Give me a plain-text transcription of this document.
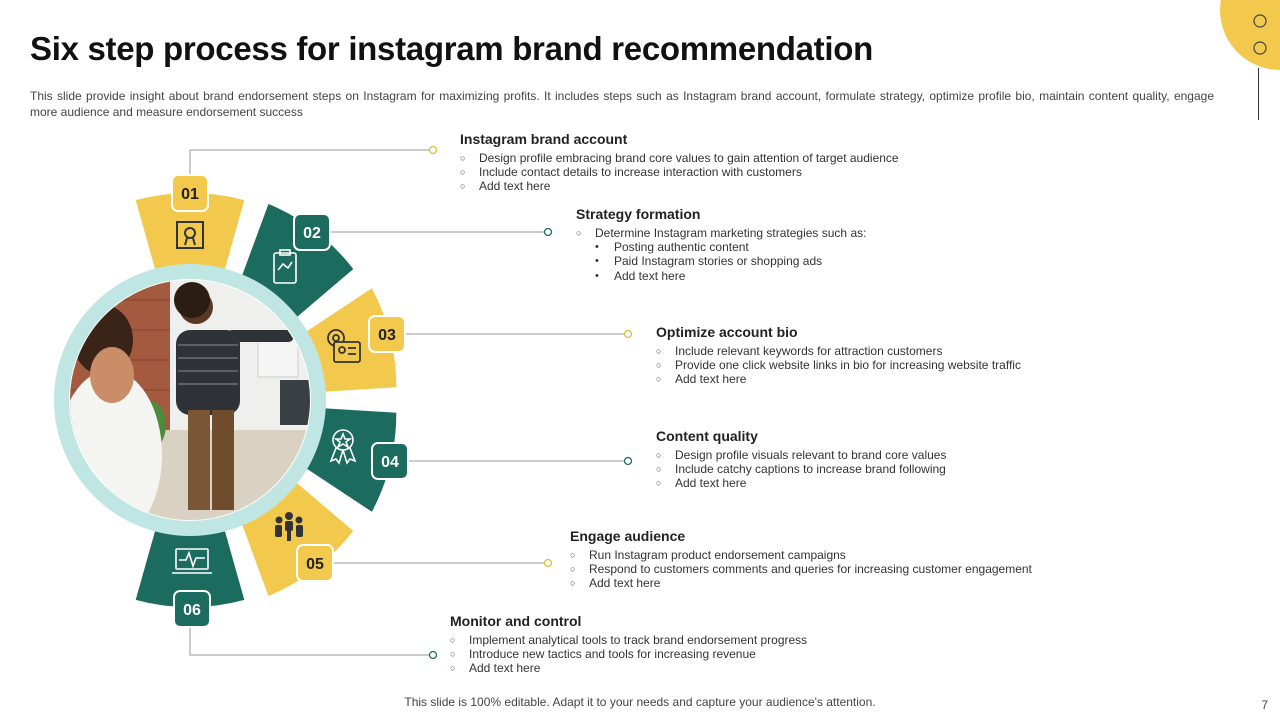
Six step process for instagram brand recommendation
This slide provide insight about brand endorsement steps on Instagram for maximizing profits. It includes steps such as Instagram brand account, formulate strategy, optimize profile bio, maintain content quality, engage more audience and measure endorsement success
01
02
03
04
05
06
Instagram brand account
○ Design profile embracing brand core values to gain attention of target audience
○ Include contact details to increase interaction with customers
○ Add text here
Strategy formation
○ Determine Instagram marketing strategies such as:
• Posting authentic content
• Paid Instagram stories or shopping ads
• Add text here
Optimize account bio
○ Include relevant keywords for attraction customers
○ Provide one click website links in bio for increasing website traffic
○ Add text here
Content quality
○ Design profile visuals relevant to brand core values
○ Include catchy captions to increase brand following
○ Add text here
Engage audience
○ Run Instagram product endorsement campaigns
○ Respond to customers comments and queries for increasing customer engagement
○ Add text here
Monitor and control
○ Implement analytical tools to track brand endorsement progress
○ Introduce new tactics and tools for increasing revenue
○ Add text here
This slide is 100% editable. Adapt it to your needs and capture your audience's attention.	7
